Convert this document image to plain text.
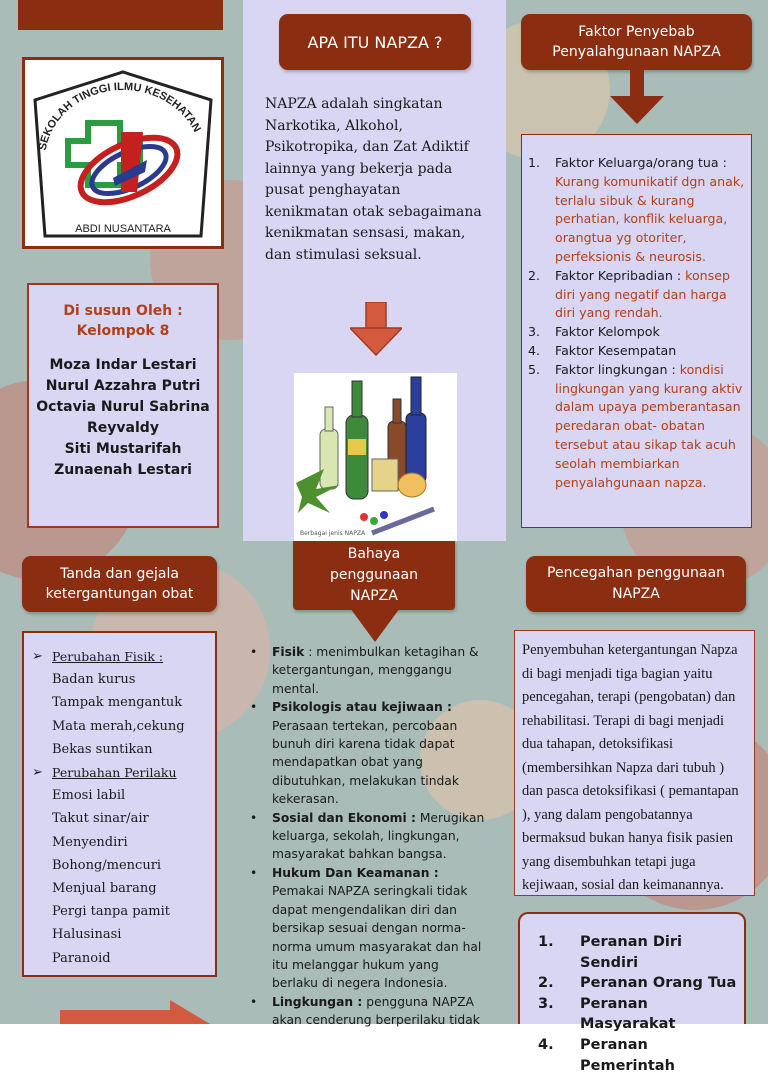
SEKOLAH TINGGI ILMU KESEHATAN
ABDI NUSANTARA
Di susun Oleh :
Kelompok 8
Moza Indar Lestari
Nurul Azzahra Putri
Octavia Nurul Sabrina
Reyvaldy
Siti Mustarifah
Zunaenah Lestari
APA ITU NAPZA ?
NAPZA adalah singkatan Narkotika, Alkohol, Psikotropika, dan Zat Adiktif lainnya yang bekerja pada pusat penghayatan kenikmatan otak sebagaimana kenikmatan sensasi, makan, dan stimulasi seksual.
Berbagai jenis NAPZA
Faktor Penyebab Penyalahgunaan NAPZA
1.	Faktor Keluarga/orang tua :
Kurang komunikatif dgn anak, terlalu sibuk & kurang perhatian, konflik keluarga, orangtua yg otoriter, perfeksionis & neurosis.
2.	Faktor Kepribadian : konsep diri yang negatif dan harga diri yang rendah.
3.	Faktor Kelompok
4.	Faktor Kesempatan
5.	Faktor lingkungan : kondisi lingkungan yang kurang aktiv dalam upaya pemberantasan peredaran obat- obatan tersebut atau sikap tak acuh seolah membiarkan penyalahgunaan napza.
Tanda dan gejala ketergantungan obat
➢ Perubahan Fisik :
Badan kurus
Tampak mengantuk
Mata merah,cekung
Bekas suntikan
➢ Perubahan Perilaku
Emosi labil
Takut sinar/air
Menyendiri
Bohong/mencuri
Menjual barang
Pergi tanpa pamit
Halusinasi
Paranoid
Bahaya penggunaan NAPZA
•	Fisik : menimbulkan ketagihan & ketergantungan, menggangu mental.
•	Psikologis atau kejiwaan : Perasaan tertekan, percobaan bunuh diri karena tidak dapat mendapatkan obat yang dibutuhkan, melakukan tindak kekerasan.
•	Sosial dan Ekonomi : Merugikan keluarga, sekolah, lingkungan, masyarakat bahkan bangsa.
•	Hukum Dan Keamanan : Pemakai NAPZA seringkali tidak dapat mengendalikan diri dan bersikap sesuai dengan norma-norma umum masyarakat dan hal itu melanggar hukum yang berlaku di negera Indonesia.
•	Lingkungan : pengguna NAPZA akan cenderung berperilaku tidak
Pencegahan penggunaan NAPZA
Penyembuhan ketergantungan Napza di bagi menjadi tiga bagian yaitu pencegahan, terapi (pengobatan) dan rehabilitasi. Terapi di bagi menjadi dua tahapan, detoksifikasi (membersihkan Napza dari tubuh ) dan pasca detoksifikasi ( pemantapan ), yang dalam pengobatannya bermaksud bukan hanya fisik pasien yang disembuhkan tetapi juga kejiwaan, sosial dan keimanannya.
1.	Peranan Diri Sendiri
2.	Peranan Orang Tua
3.	Peranan Masyarakat
4.	Peranan Pemerintah
